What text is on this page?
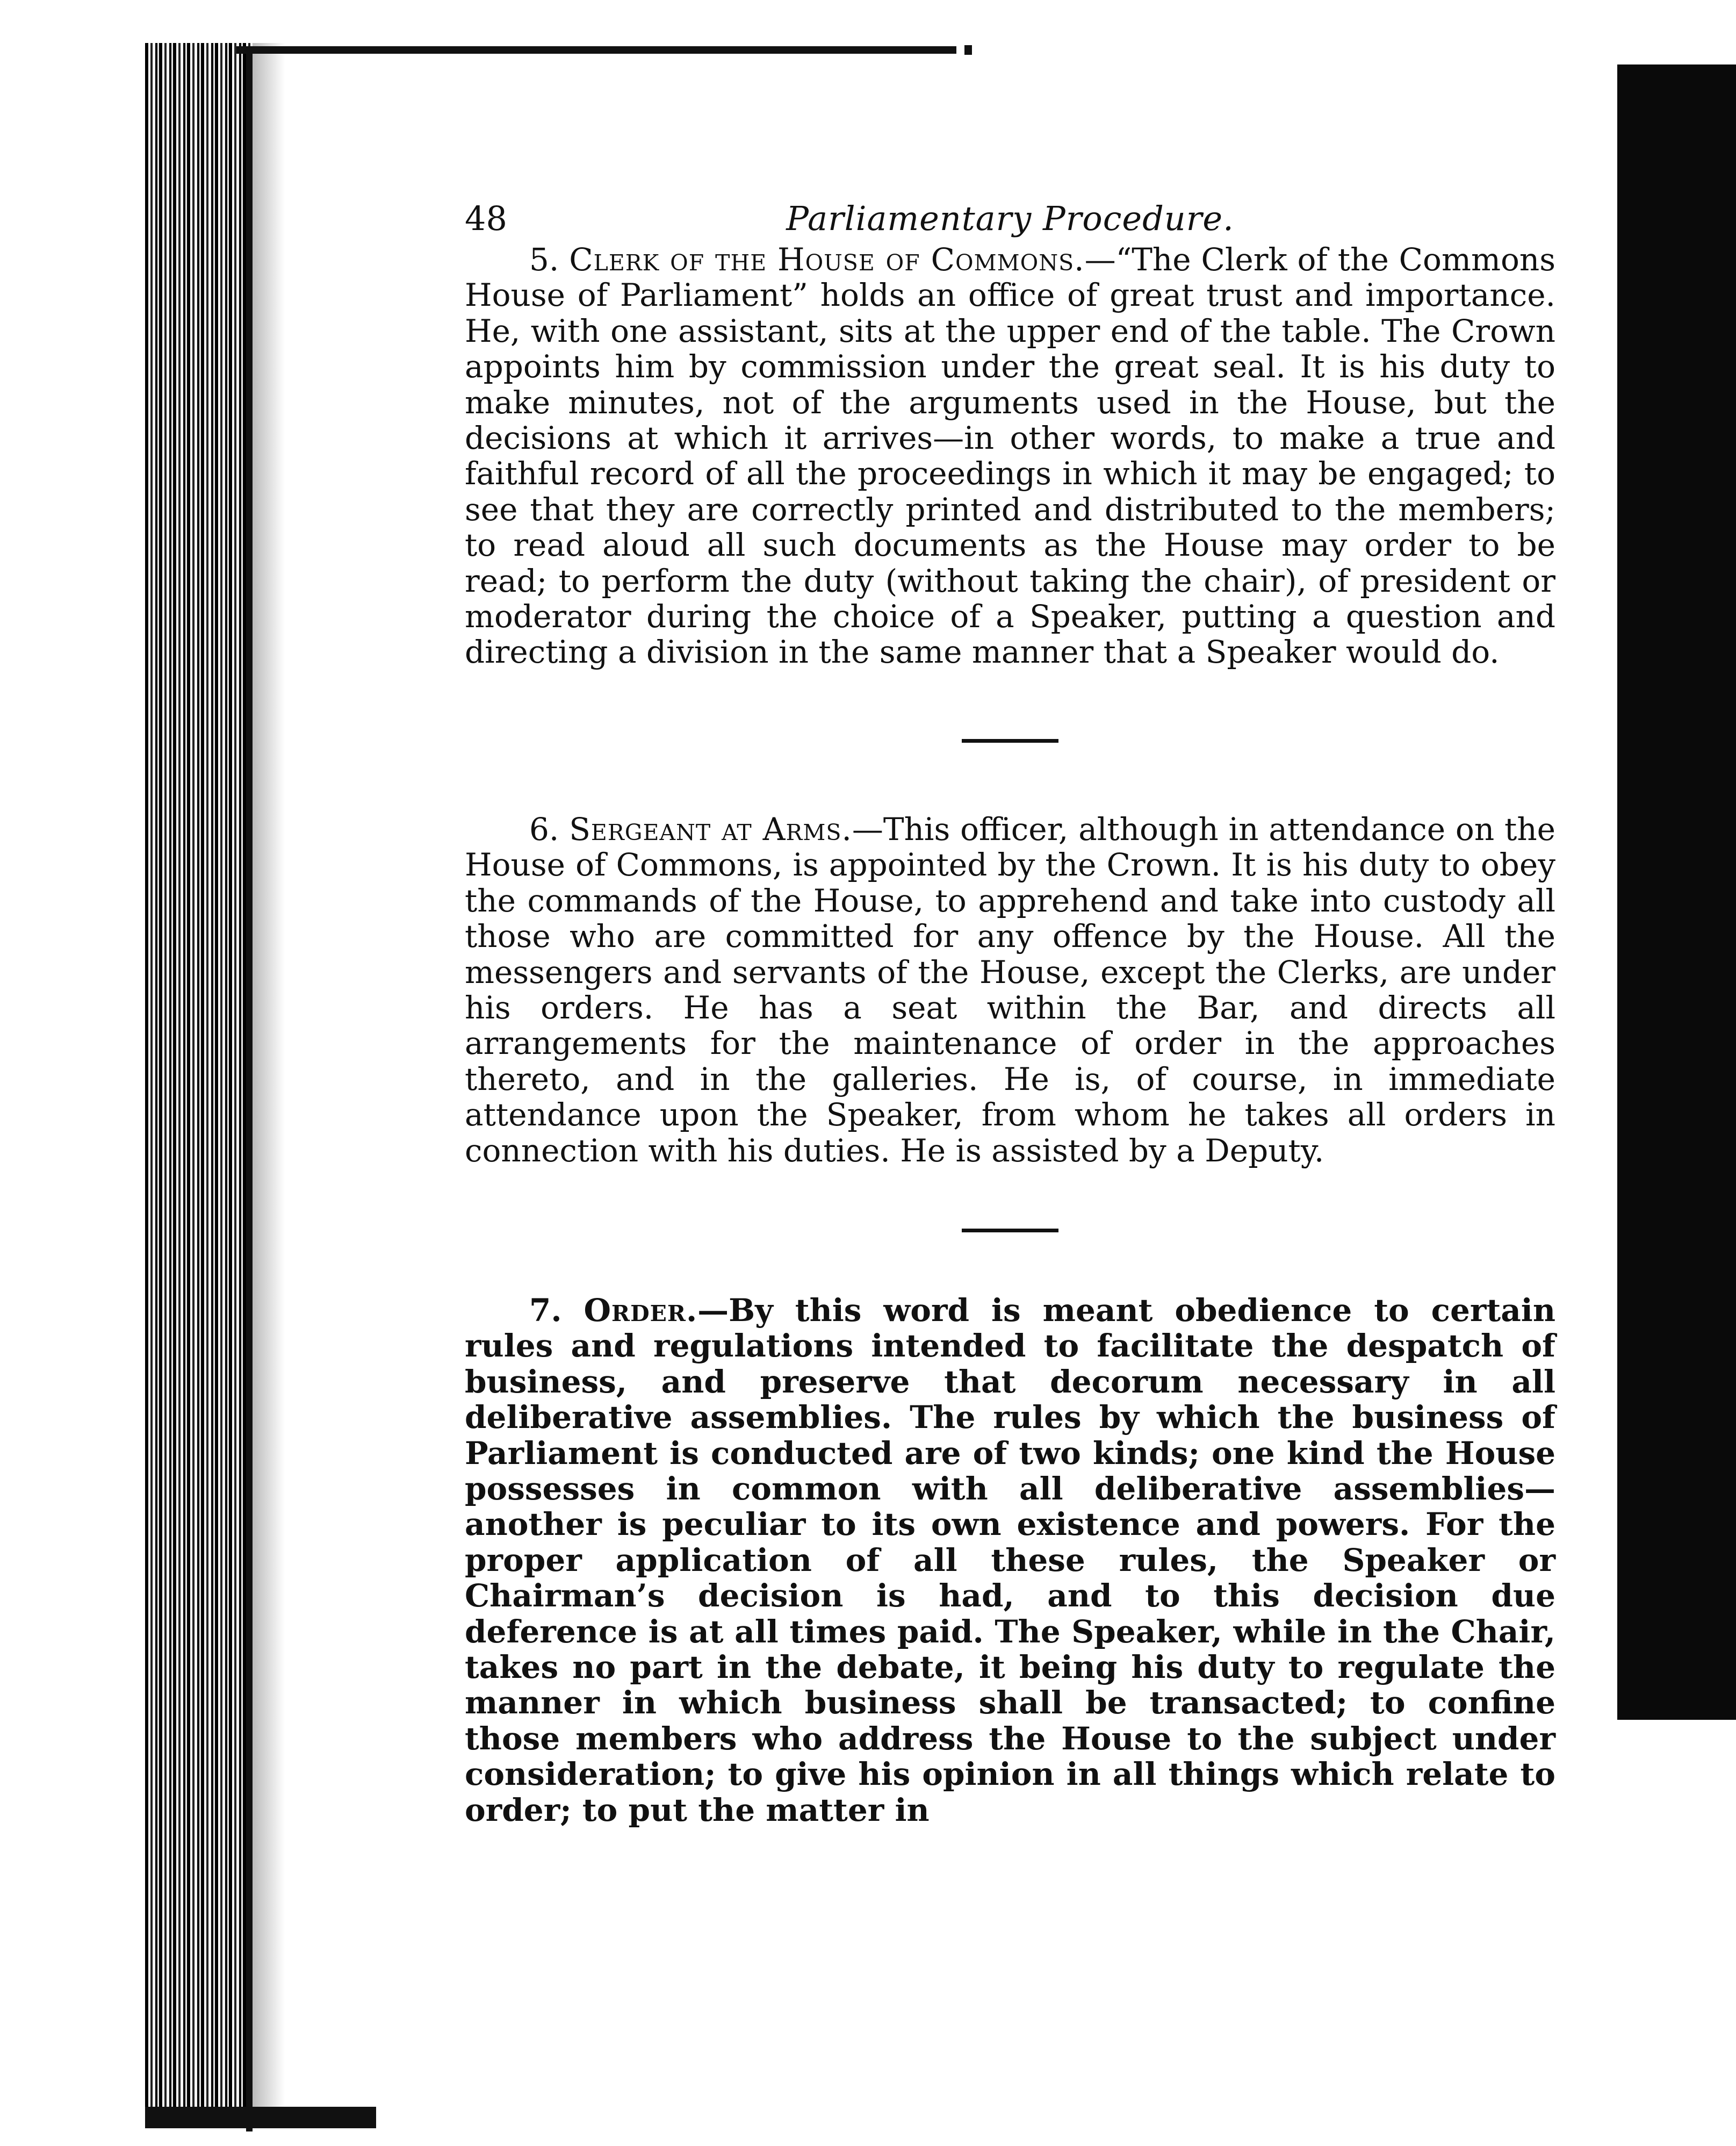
48	Parliamentary Procedure.

5. Clerk of the House of Commons.—“The Clerk of the Commons House of Parliament” holds an office of great trust and importance. He, with one assistant, sits at the upper end of the table. The Crown appoints him by commission under the great seal. It is his duty to make minutes, not of the arguments used in the House, but the decisions at which it arrives—in other words, to make a true and faithful record of all the proceedings in which it may be engaged; to see that they are correctly printed and distributed to the members; to read aloud all such documents as the House may order to be read; to perform the duty (without taking the chair), of president or moderator during the choice of a Speaker, putting a question and directing a division in the same manner that a Speaker would do.

6. Sergeant at Arms.—This officer, although in attendance on the House of Commons, is appointed by the Crown. It is his duty to obey the commands of the House, to apprehend and take into custody all those who are committed for any offence by the House. All the messengers and servants of the House, except the Clerks, are under his orders. He has a seat within the Bar, and directs all arrangements for the maintenance of order in the approaches thereto, and in the galleries. He is, of course, in immediate attendance upon the Speaker, from whom he takes all orders in connection with his duties. He is assisted by a Deputy.

7. Order.—By this word is meant obedience to certain rules and regulations intended to facilitate the despatch of business, and preserve that decorum necessary in all deliberative assemblies. The rules by which the business of Parliament is conducted are of two kinds; one kind the House possesses in common with all deliberative assemblies—another is peculiar to its own existence and powers. For the proper application of all these rules, the Speaker or Chairman’s decision is had, and to this decision due deference is at all times paid. The Speaker, while in the Chair, takes no part in the debate, it being his duty to regulate the manner in which business shall be transacted; to confine those members who address the House to the subject under consideration; to give his opinion in all things which relate to order; to put the matter in
